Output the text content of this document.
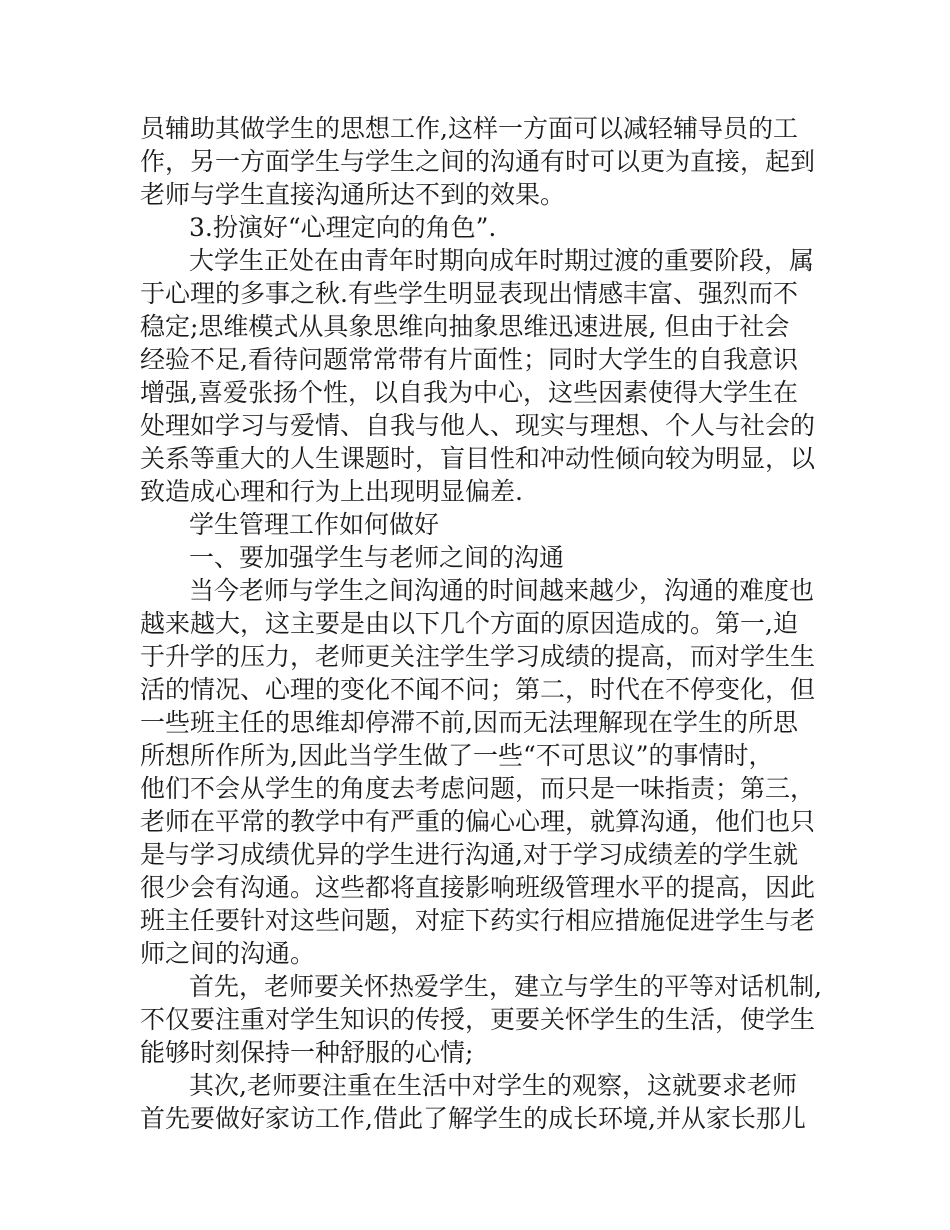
员辅助其做学生的思想工作,这样一方面可以减轻辅导员的工

作，另一方面学生与学生之间的沟通有时可以更为直接，起到

老师与学生直接沟通所达不到的效果。

3.扮演好“心理定向的角色”.

大学生正处在由青年时期向成年时期过渡的重要阶段，属

于心理的多事之秋.有些学生明显表现出情感丰富、强烈而不

稳定;思维模式从具象思维向抽象思维迅速进展, 但由于社会

经验不足,看待问题常常带有片面性；同时大学生的自我意识

增强,喜爱张扬个性，以自我为中心，这些因素使得大学生在

处理如学习与爱情、自我与他人、现实与理想、个人与社会的

关系等重大的人生课题时，盲目性和冲动性倾向较为明显，以

致造成心理和行为上出现明显偏差.

学生管理工作如何做好

一、要加强学生与老师之间的沟通

当今老师与学生之间沟通的时间越来越少，沟通的难度也

越来越大，这主要是由以下几个方面的原因造成的。第一,迫

于升学的压力，老师更关注学生学习成绩的提高，而对学生生

活的情况、心理的变化不闻不问；第二，时代在不停变化，但

一些班主任的思维却停滞不前,因而无法理解现在学生的所思

所想所作所为,因此当学生做了一些“不可思议”的事情时，

他们不会从学生的角度去考虑问题，而只是一味指责；第三，

老师在平常的教学中有严重的偏心心理，就算沟通，他们也只

是与学习成绩优异的学生进行沟通,对于学习成绩差的学生就

很少会有沟通。这些都将直接影响班级管理水平的提高，因此

班主任要针对这些问题，对症下药实行相应措施促进学生与老

师之间的沟通。

首先，老师要关怀热爱学生，建立与学生的平等对话机制,

不仅要注重对学生知识的传授，更要关怀学生的生活，使学生

能够时刻保持一种舒服的心情;

其次,老师要注重在生活中对学生的观察，这就要求老师

首先要做好家访工作,借此了解学生的成长环境,并从家长那儿
